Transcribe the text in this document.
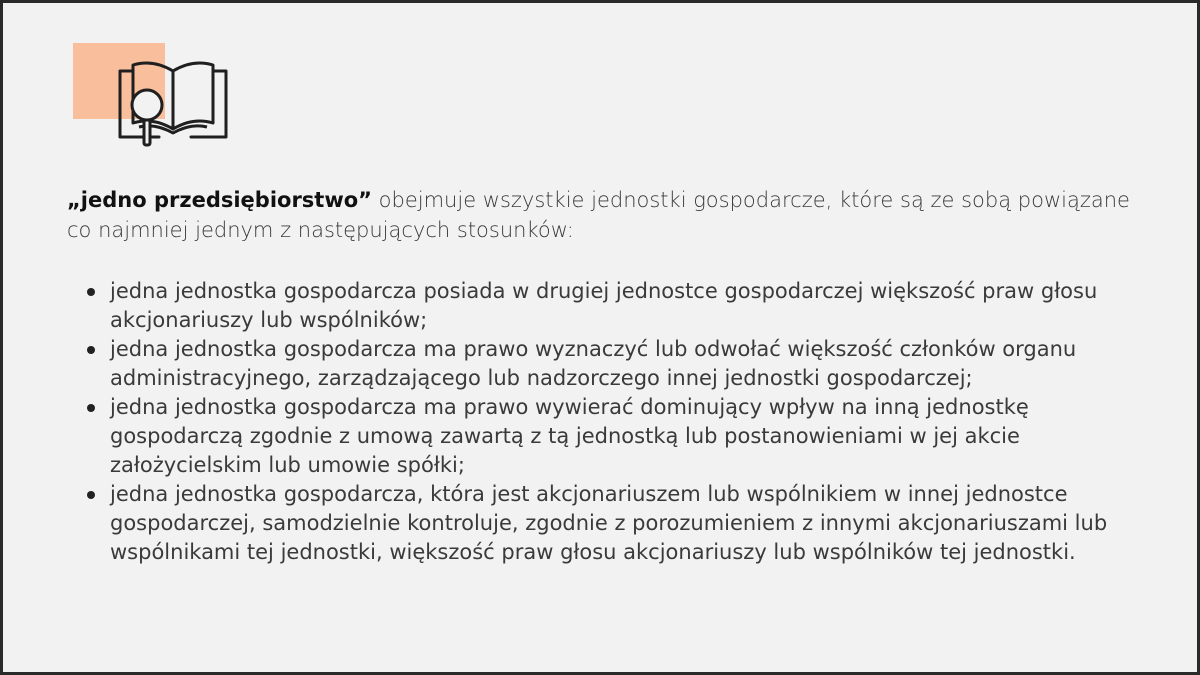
„jedno przedsiębiorstwo” obejmuje wszystkie jednostki gospodarcze, które są ze sobą powiązane co najmniej jednym z następujących stosunków:

jedna jednostka gospodarcza posiada w drugiej jednostce gospodarczej większość praw głosu akcjonariuszy lub wspólników;
jedna jednostka gospodarcza ma prawo wyznaczyć lub odwołać większość członków organu administracyjnego, zarządzającego lub nadzorczego innej jednostki gospodarczej;
jedna jednostka gospodarcza ma prawo wywierać dominujący wpływ na inną jednostkę gospodarczą zgodnie z umową zawartą z tą jednostką lub postanowieniami w jej akcie założycielskim lub umowie spółki;
jedna jednostka gospodarcza, która jest akcjonariuszem lub wspólnikiem w innej jednostce gospodarczej, samodzielnie kontroluje, zgodnie z porozumieniem z innymi akcjonariuszami lub wspólnikami tej jednostki, większość praw głosu akcjonariuszy lub wspólników tej jednostki.
